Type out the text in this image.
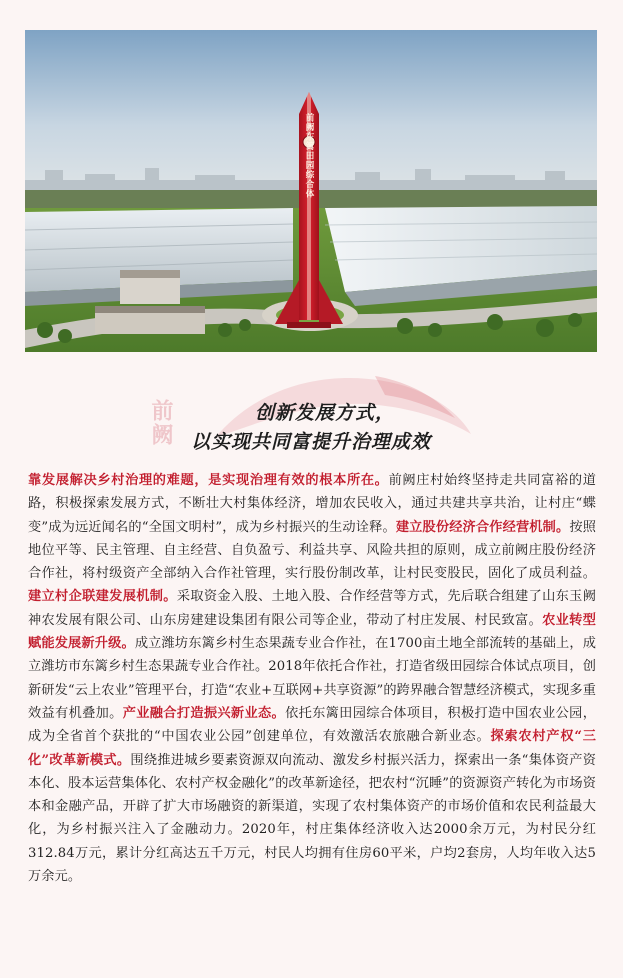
前阙东篱田园综合体
前阙	创新发展方式，
以实现共同富提升治理成效
靠发展解决乡村治理的难题，是实现治理有效的根本所在。前阙庄村始终坚持走共同富裕的道路，积极探索发展方式，不断壮大村集体经济，增加农民收入，通过共建共享共治，让村庄“蝶变”成为远近闻名的“全国文明村”，成为乡村振兴的生动诠释。建立股份经济合作经营机制。按照地位平等、民主管理、自主经营、自负盈亏、利益共享、风险共担的原则，成立前阙庄股份经济合作社，将村级资产全部纳入合作社管理，实行股份制改革，让村民变股民，固化了成员利益。建立村企联建发展机制。采取资金入股、土地入股、合作经营等方式，先后联合组建了山东玉阙神农发展有限公司、山东房建建设集团有限公司等企业，带动了村庄发展、村民致富。农业转型赋能发展新升级。成立潍坊东篱乡村生态果蔬专业合作社，在1700亩土地全部流转的基础上，成立潍坊市东篱乡村生态果蔬专业合作社。2018年依托合作社，打造省级田园综合体试点项目，创新研发“云上农业”管理平台，打造“农业+互联网+共享资源”的跨界融合智慧经济模式，实现多重效益有机叠加。产业融合打造振兴新业态。依托东篱田园综合体项目，积极打造中国农业公园，成为全省首个获批的“中国农业公园”创建单位，有效激活农旅融合新业态。探索农村产权“三化”改革新模式。围绕推进城乡要素资源双向流动、激发乡村振兴活力，探索出一条“集体资产资本化、股本运营集体化、农村产权金融化”的改革新途径，把农村“沉睡”的资源资产转化为市场资本和金融产品，开辟了扩大市场融资的新渠道，实现了农村集体资产的市场价值和农民利益最大化，为乡村振兴注入了金融动力。2020年，村庄集体经济收入达2000余万元，为村民分红312.84万元，累计分红高达五千万元，村民人均拥有住房60平米，户均2套房，人均年收入达5万余元。
